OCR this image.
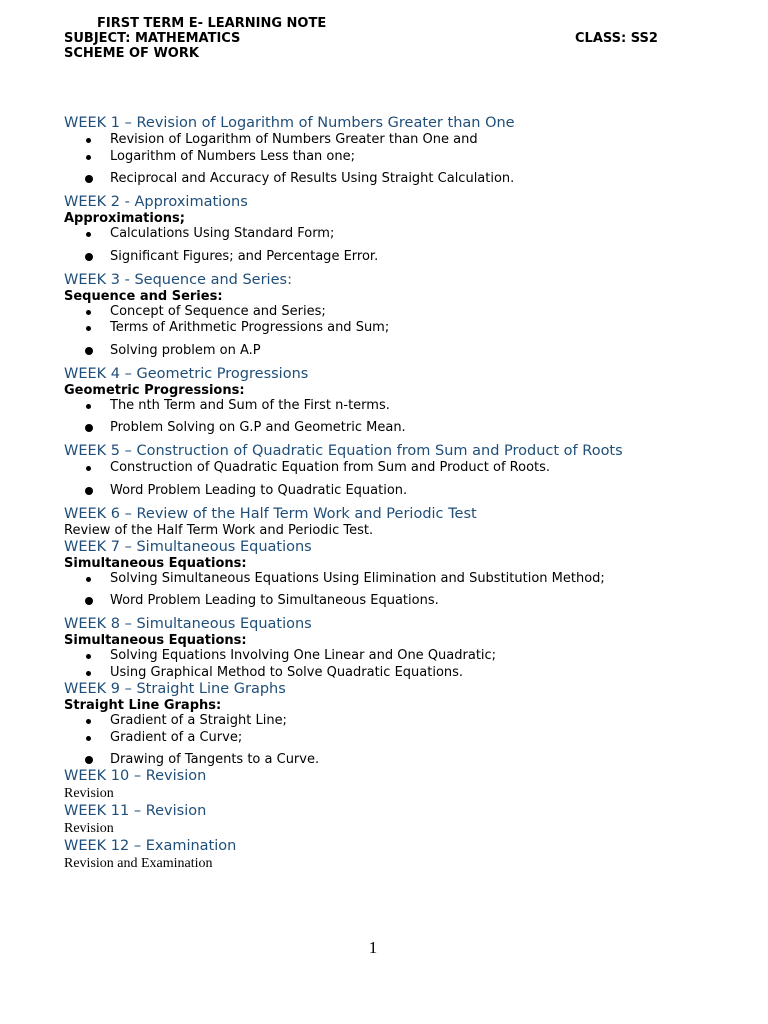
FIRST TERM E- LEARNING NOTE
SUBJECT: MATHEMATICS	CLASS: SS2
SCHEME OF WORK
WEEK 1 – Revision of Logarithm of Numbers Greater than One
Revision of Logarithm of Numbers Greater than One and
Logarithm of Numbers Less than one;
Reciprocal and Accuracy of Results Using Straight Calculation.
WEEK 2 - Approximations
Approximations;
Calculations Using Standard Form;
Significant Figures; and Percentage Error.
WEEK 3 - Sequence and Series:
Sequence and Series:
Concept of Sequence and Series;
Terms of Arithmetic Progressions and Sum;
Solving problem on A.P
WEEK 4 – Geometric Progressions
Geometric Progressions:
The nth Term and Sum of the First n-terms.
Problem Solving on G.P and Geometric Mean.
WEEK 5 – Construction of Quadratic Equation from Sum and Product of Roots
Construction of Quadratic Equation from Sum and Product of Roots.
Word Problem Leading to Quadratic Equation.
WEEK 6 – Review of the Half Term Work and Periodic Test
Review of the Half Term Work and Periodic Test.
WEEK 7 – Simultaneous Equations
Simultaneous Equations:
Solving Simultaneous Equations Using Elimination and Substitution Method;
Word Problem Leading to Simultaneous Equations.
WEEK 8 – Simultaneous Equations
Simultaneous Equations:
Solving Equations Involving One Linear and One Quadratic;
Using Graphical Method to Solve Quadratic Equations.
WEEK 9 – Straight Line Graphs
Straight Line Graphs:
Gradient of a Straight Line;
Gradient of a Curve;
Drawing of Tangents to a Curve.
WEEK 10 – Revision
Revision
WEEK 11 – Revision
Revision
WEEK 12 – Examination
Revision and Examination
1
